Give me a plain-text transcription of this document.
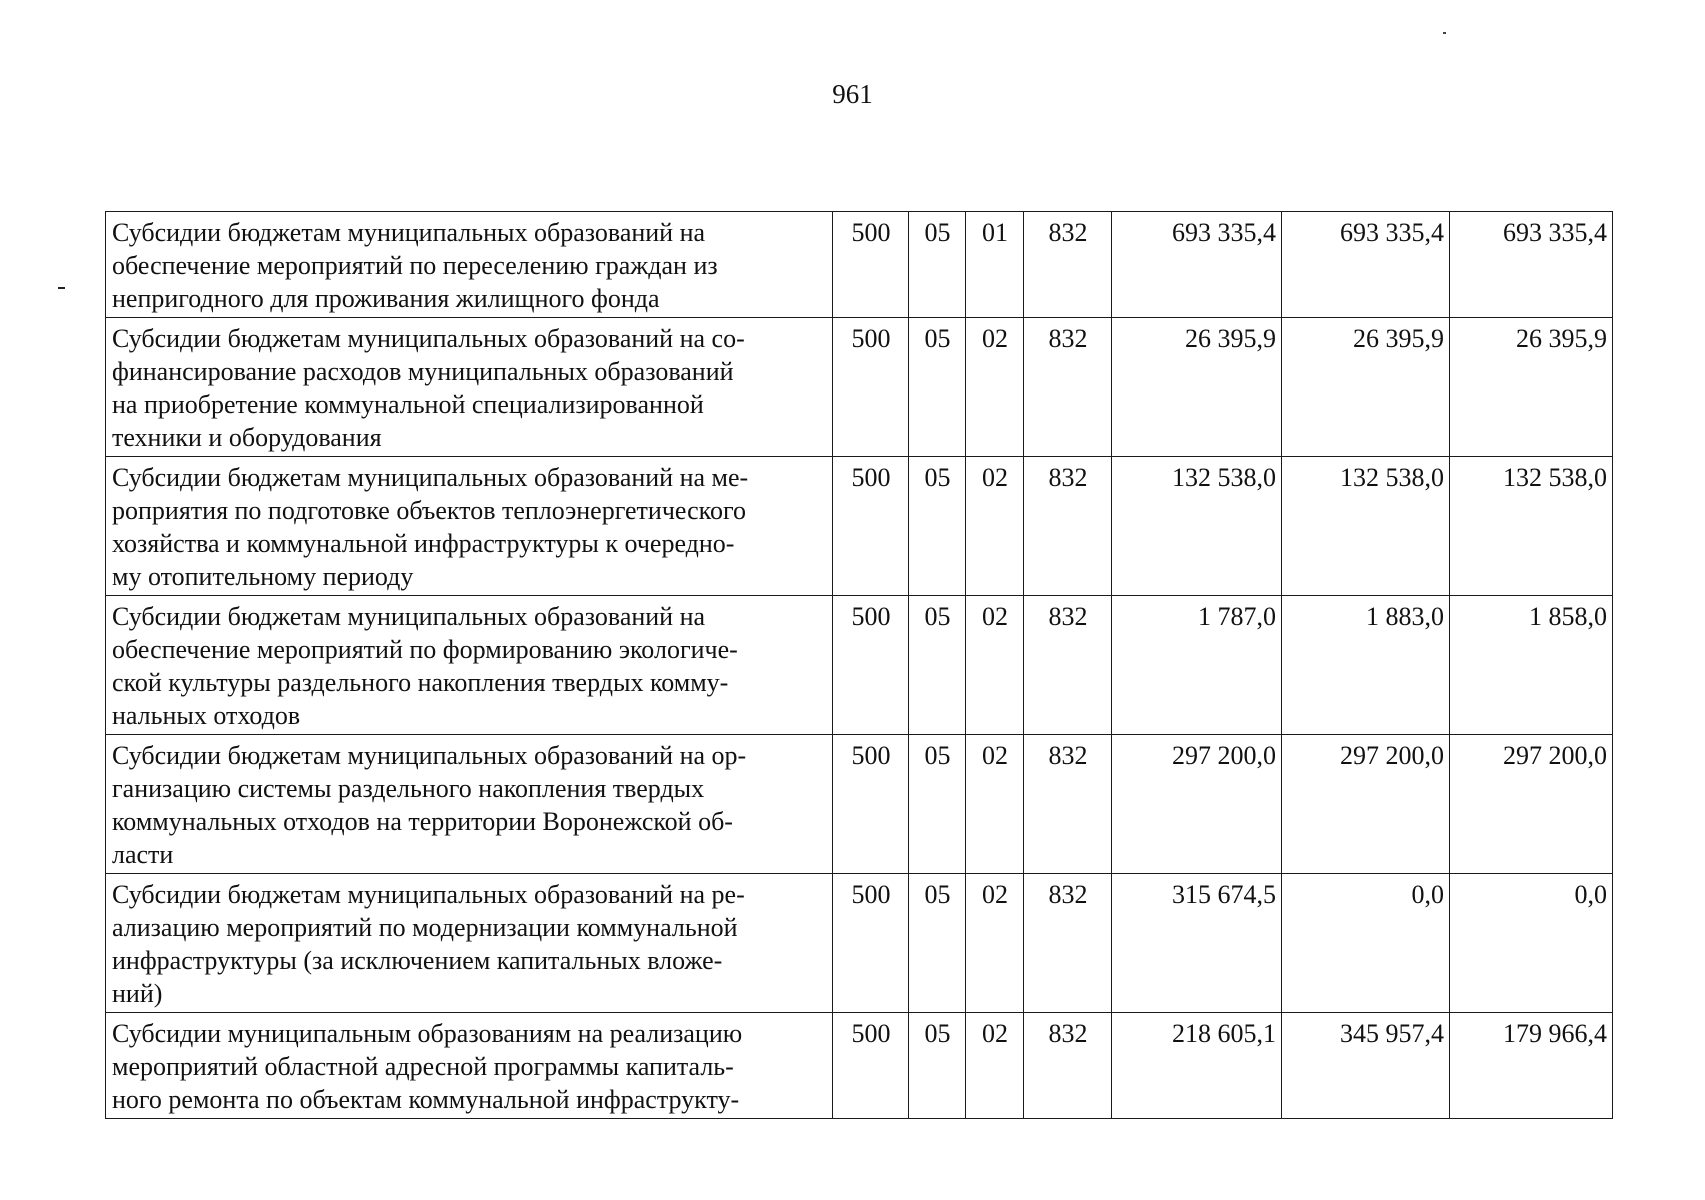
961
Субсидии бюджетам муниципальных образований на
обеспечение мероприятий по переселению граждан из
непригодного для проживания жилищного фонда	500	05	01	832	693 335,4	693 335,4	693 335,4
Субсидии бюджетам муниципальных образований на со-
финансирование расходов муниципальных образований
на приобретение коммунальной специализированной
техники и оборудования	500	05	02	832	26 395,9	26 395,9	26 395,9
Субсидии бюджетам муниципальных образований на ме-
роприятия по подготовке объектов теплоэнергетического
хозяйства и коммунальной инфраструктуры к очередно-
му отопительному периоду	500	05	02	832	132 538,0	132 538,0	132 538,0
Субсидии бюджетам муниципальных образований на
обеспечение мероприятий по формированию экологиче-
ской культуры раздельного накопления твердых комму-
нальных отходов	500	05	02	832	1 787,0	1 883,0	1 858,0
Субсидии бюджетам муниципальных образований на ор-
ганизацию системы раздельного накопления твердых
коммунальных отходов на территории Воронежской об-
ласти	500	05	02	832	297 200,0	297 200,0	297 200,0
Субсидии бюджетам муниципальных образований на ре-
ализацию мероприятий по модернизации коммунальной
инфраструктуры (за исключением капитальных вложе-
ний)	500	05	02	832	315 674,5	0,0	0,0
Субсидии муниципальным образованиям на реализацию
мероприятий областной адресной программы капиталь-
ного ремонта по объектам коммунальной инфраструкту-	500	05	02	832	218 605,1	345 957,4	179 966,4
